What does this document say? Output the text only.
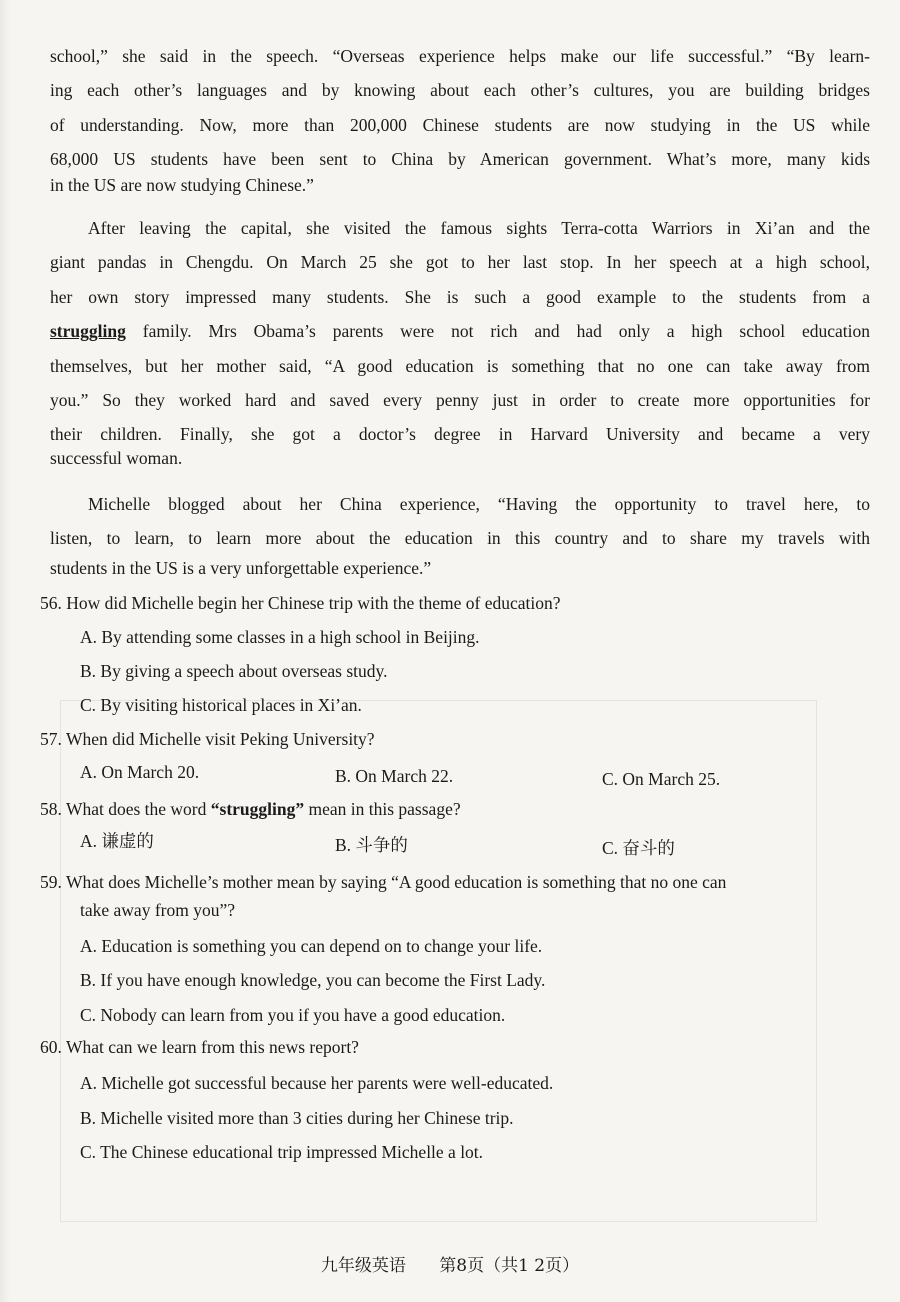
school,” she said in the speech. “Overseas experience helps make our life successful.” “By learn-
ing each other’s languages and by knowing about each other’s cultures, you are building bridges
of understanding. Now, more than 200,000 Chinese students are now studying in the US while
68,000 US students have been sent to China by American government. What’s more, many kids
in the US are now studying Chinese.”
After leaving the capital, she visited the famous sights Terra-cotta Warriors in Xi’an and the
giant pandas in Chengdu. On March 25 she got to her last stop. In her speech at a high school,
her own story impressed many students. She is such a good example to the students from a
struggling family. Mrs Obama’s parents were not rich and had only a high school education
themselves, but her mother said, “A good education is something that no one can take away from
you.” So they worked hard and saved every penny just in order to create more opportunities for
their children. Finally, she got a doctor’s degree in Harvard University and became a very
successful woman.
Michelle blogged about her China experience, “Having the opportunity to travel here, to
listen, to learn, to learn more about the education in this country and to share my travels with
students in the US is a very unforgettable experience.”
56. How did Michelle begin her Chinese trip with the theme of education?
A. By attending some classes in a high school in Beijing.
B. By giving a speech about overseas study.
C. By visiting historical places in Xi’an.
57. When did Michelle visit Peking University?
A. On March 20.	B. On March 22.	C. On March 25.
58. What does the word “struggling” mean in this passage?
A. 谦虚的	B. 斗争的	C. 奋斗的
59. What does Michelle’s mother mean by saying “A good education is something that no one can
take away from you”?
A. Education is something you can depend on to change your life.
B. If you have enough knowledge, you can become the First Lady.
C. Nobody can learn from you if you have a good education.
60. What can we learn from this news report?
A. Michelle got successful because her parents were well-educated.
B. Michelle visited more than 3 cities during her Chinese trip.
C. The Chinese educational trip impressed Michelle a lot.
九年级英语 第8页（共1 2页）
